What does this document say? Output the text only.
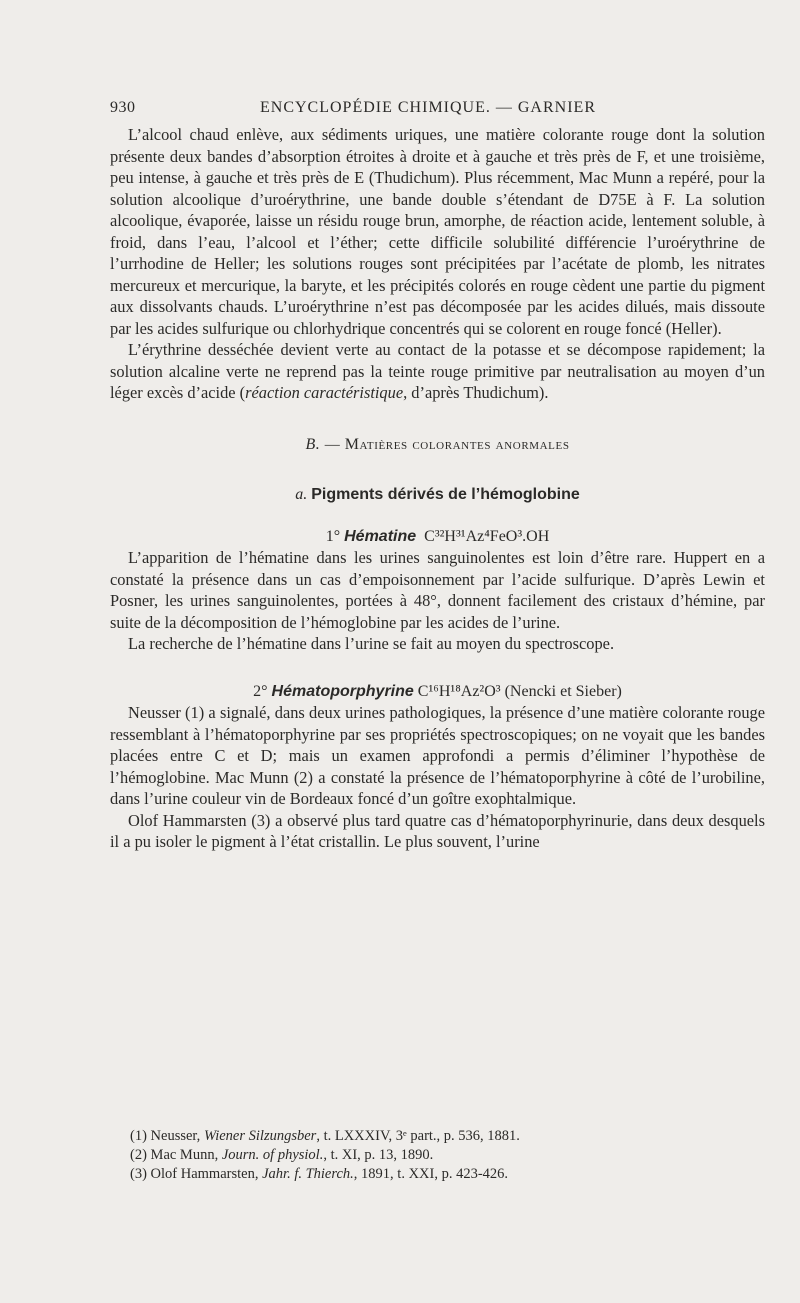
930	ENCYCLOPÉDIE CHIMIQUE. — GARNIER

L’alcool chaud enlève, aux sédiments uriques, une matière colorante rouge dont la solution présente deux bandes d’absorption étroites à droite et à gauche et très près de F, et une troisième, peu intense, à gauche et très près de E (Thudichum). Plus récemment, Mac Munn a repéré, pour la solution alcoolique d’uroérythrine, une bande double s’étendant de D75E à F. La solution alcoolique, évaporée, laisse un résidu rouge brun, amorphe, de réaction acide, lentement soluble, à froid, dans l’eau, l’alcool et l’éther; cette difficile solubilité différencie l’uroérythrine de l’urrhodine de Heller; les solutions rouges sont précipitées par l’acétate de plomb, les nitrates mercureux et mercurique, la baryte, et les précipités colorés en rouge cèdent une partie du pigment aux dissolvants chauds. L’uroérythrine n’est pas décomposée par les acides dilués, mais dissoute par les acides sulfurique ou chlorhydrique concentrés qui se colorent en rouge foncé (Heller).

L’érythrine desséchée devient verte au contact de la potasse et se décompose rapidement; la solution alcaline verte ne reprend pas la teinte rouge primitive par neutralisation au moyen d’un léger excès d’acide (réaction caractéristique, d’après Thudichum).

B. — Matières colorantes anormales
a. Pigments dérivés de l’hémoglobine
1° Hématine C³²H³¹Az⁴FeO³.OH

L’apparition de l’hématine dans les urines sanguinolentes est loin d’être rare. Huppert en a constaté la présence dans un cas d’empoisonnement par l’acide sulfurique. D’après Lewin et Posner, les urines sanguinolentes, portées à 48°, donnent facilement des cristaux d’hémine, par suite de la décomposition de l’hémoglobine par les acides de l’urine.

La recherche de l’hématine dans l’urine se fait au moyen du spectroscope.

2° Hématoporphyrine C¹⁶H¹⁸Az²O³ (Nencki et Sieber)

Neusser (1) a signalé, dans deux urines pathologiques, la présence d’une matière colorante rouge ressemblant à l’hématoporphyrine par ses propriétés spectroscopiques; on ne voyait que les bandes placées entre C et D; mais un examen approfondi a permis d’éliminer l’hypothèse de l’hémoglobine. Mac Munn (2) a constaté la présence de l’hématoporphyrine à côté de l’urobiline, dans l’urine couleur vin de Bordeaux foncé d’un goître exophtalmique.

Olof Hammarsten (3) a observé plus tard quatre cas d’hématoporphyrinurie, dans deux desquels il a pu isoler le pigment à l’état cristallin. Le plus souvent, l’urine

(1) Neusser, Wiener Silzungsber, t. LXXXIV, 3ᵉ part., p. 536, 1881.
(2) Mac Munn, Journ. of physiol., t. XI, p. 13, 1890.
(3) Olof Hammarsten, Jahr. f. Thierch., 1891, t. XXI, p. 423-426.
